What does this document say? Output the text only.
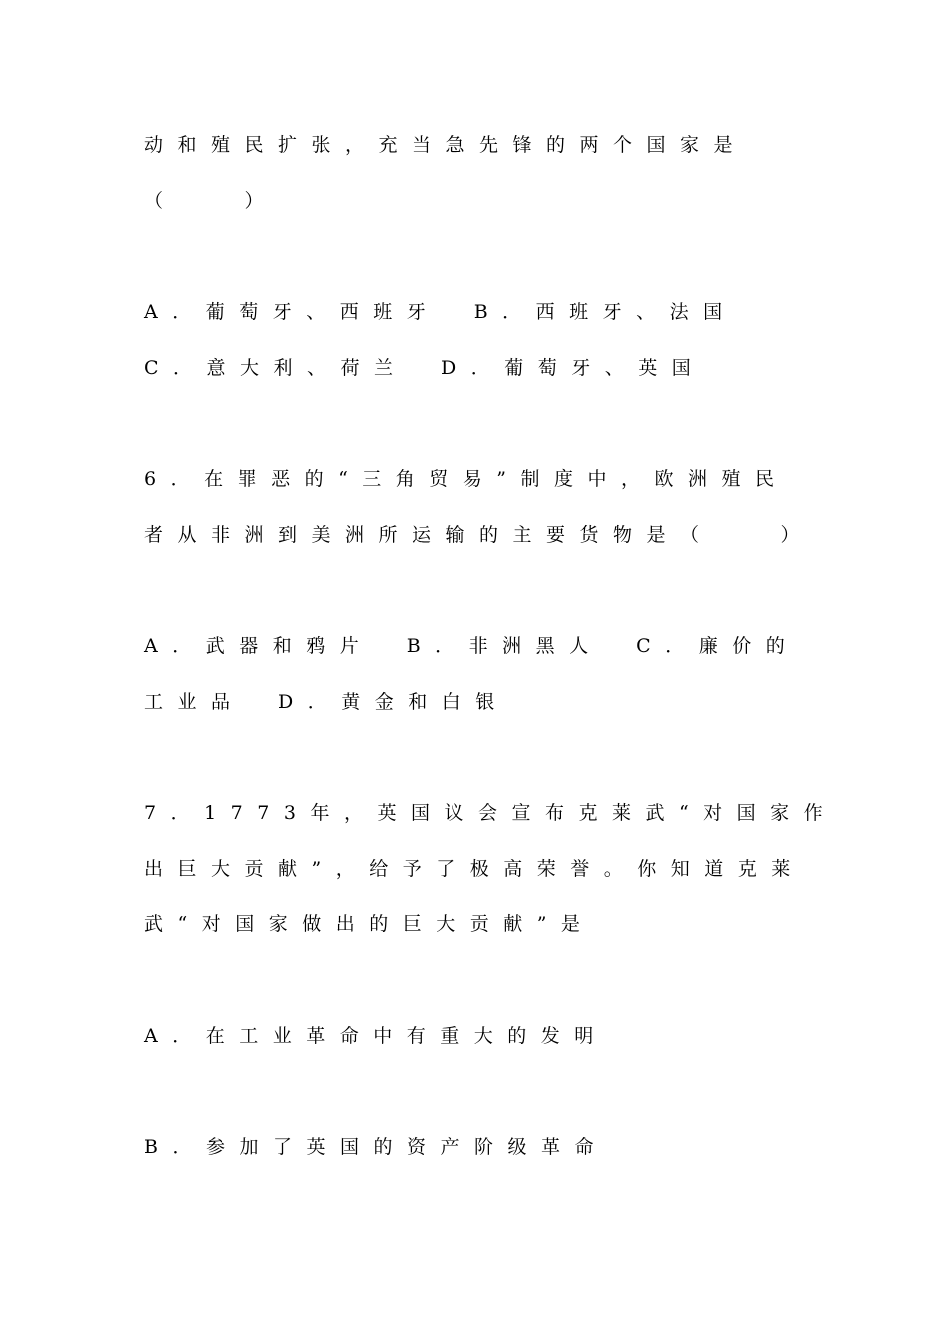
动和殖民扩张，充当急先锋的两个国家是
（　　）
A．葡萄牙、西班牙　B．西班牙、法国
C．意大利、荷兰　D．葡萄牙、英国
6．在罪恶的“三角贸易”制度中，欧洲殖民
者从非洲到美洲所运输的主要货物是（　　）
A．武器和鸦片　B．非洲黑人　C．廉价的
工业品　D．黄金和白银
7．1773年，英国议会宣布克莱武“对国家作
出巨大贡献”，给予了极高荣誉。你知道克莱
武“对国家做出的巨大贡献”是
A．在工业革命中有重大的发明
B．参加了英国的资产阶级革命
